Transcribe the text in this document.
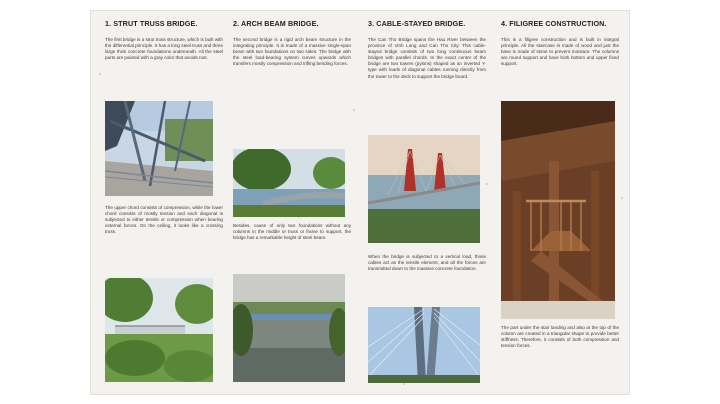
1. STRUT TRUSS BRIDGE.

The first bridge is a strut truss structure, which is built with the differential principle. It has a long steel truss and three large thick concrete foundations underneath. All the steel parts are painted with a gray color that avoids rust.

The upper chord consists of compression, while the lower chord consists of mostly tension and each diagonal is subjected to either tensile or compression when bearing external forces. On the ceiling, it looks like a crossing truss.

2. ARCH BEAM BRIDGE.

The second bridge is a rigid arch beam structure in the integrating principle. It is made of a massive single-span beam with two foundations on two sides. The bridge with the steel load-bearing system curves upwards which transfers mostly compression and trifling bending forces.

Besides, cause of only two foundations without any columns in the middle or truss or frame to support, the bridge has a remarkable height of steel beam.

3. CABLE-STAYED BRIDGE.

The Can Tho Bridge spans the Hau River between the province of Vinh Long and Can Tho City. This cable-stayed bridge consists of two long continuous beam bridges with parallel chords. In the exact center of the bridge are two towers (pylons) shaped as an inverted Y-type with loads of diagonal cables running directly from the tower to the deck to support the bridge board.

When the bridge is subjected to a vertical load, those cables act as the tensile element, and all the forces are transmitted down to the massive concrete foundation.

4. FILIGREE CONSTRUCTION.

This is a filigree construction and is built in integral principle. All the staircase is made of wood and just the base is made of stone to prevent moisture. The columns are round support and have both bottom and upper fixed support.

The part under the stair landing and also at the top of the column are created in a triangular shape to provide better stiffness. Therefore, it consists of both compression and tension forces.
